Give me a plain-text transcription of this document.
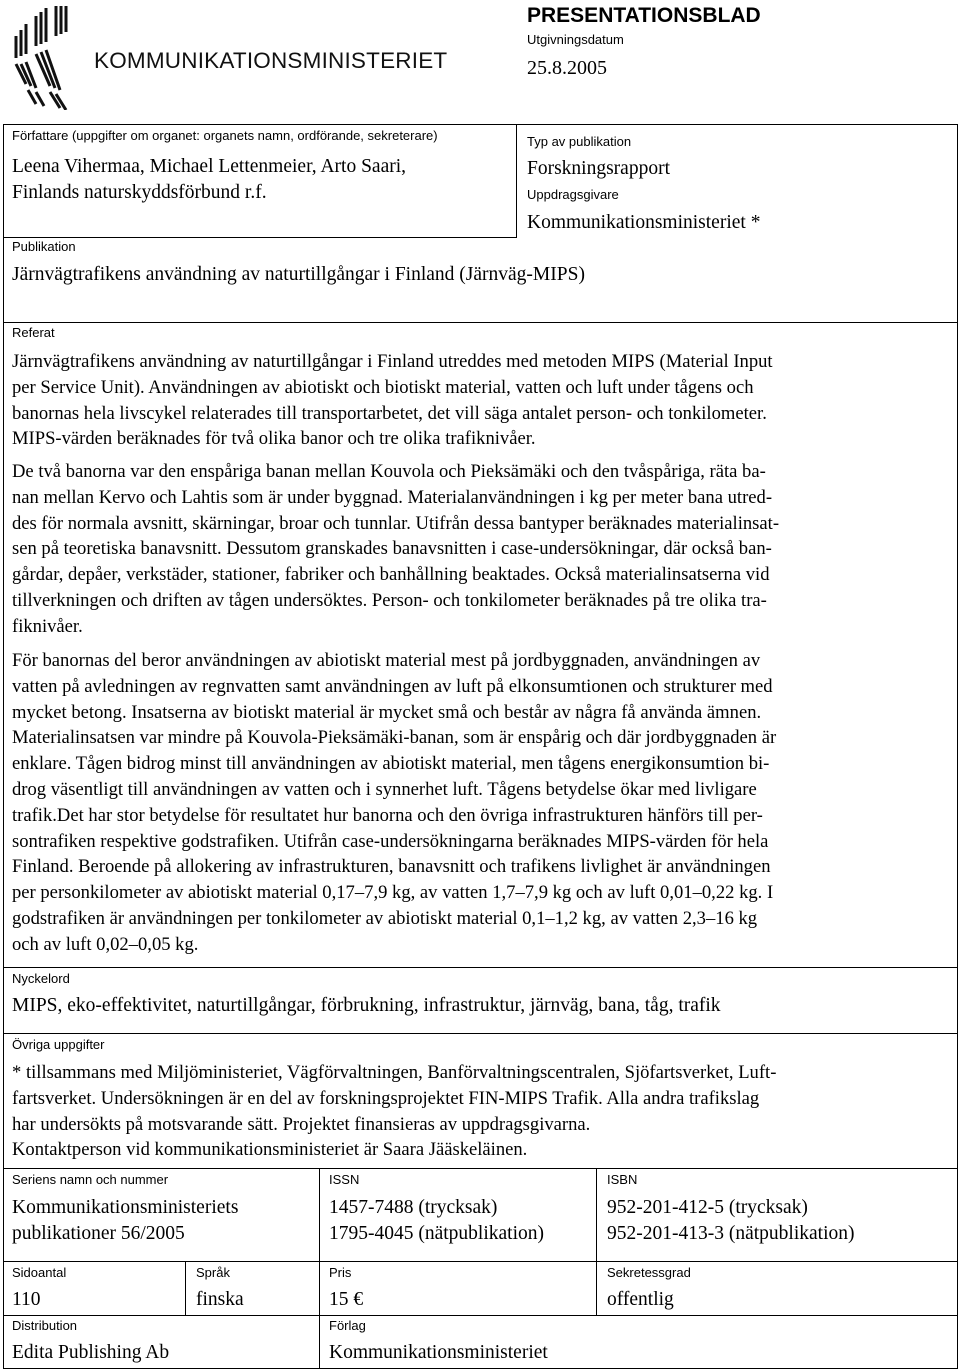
KOMMUNIKATIONSMINISTERIET
PRESENTATIONSBLAD
Utgivningsdatum
25.8.2005
Författare (uppgifter om organet: organets namn, ordförande, sekreterare)
Leena Vihermaa, Michael Lettenmeier, Arto Saari,
Finlands naturskyddsförbund r.f.
Typ av publikation
Forskningsrapport
Uppdragsgivare
Kommunikationsministeriet *
Publikation
Järnvägtrafikens användning av naturtillgångar i Finland (Järnväg-MIPS)
Referat

Järnvägtrafikens användning av naturtillgångar i Finland utreddes med metoden MIPS (Material Input
per Service Unit). Användningen av abiotiskt och biotiskt material, vatten och luft under tågens och
banornas hela livscykel relaterades till transportarbetet, det vill säga antalet person- och tonkilometer.
MIPS-värden beräknades för två olika banor och tre olika trafiknivåer.

De två banorna var den enspåriga banan mellan Kouvola och Pieksämäki och den tvåspåriga, räta ba-
nan mellan Kervo och Lahtis som är under byggnad. Materialanvändningen i kg per meter bana utred-
des för normala avsnitt, skärningar, broar och tunnlar. Utifrån dessa bantyper beräknades materialinsat-
sen på teoretiska banavsnitt. Dessutom granskades banavsnitten i case-undersökningar, där också ban-
gårdar, depåer, verkstäder, stationer, fabriker och banhållning beaktades. Också materialinsatserna vid
tillverkningen och driften av tågen undersöktes. Person- och tonkilometer beräknades på tre olika tra-
fiknivåer.

För banornas del beror användningen av abiotiskt material mest på jordbyggnaden, användningen av
vatten på avledningen av regnvatten samt användningen av luft på elkonsumtionen och strukturer med
mycket betong. Insatserna av biotiskt material är mycket små och består av några få använda ämnen.
Materialinsatsen var mindre på Kouvola-Pieksämäki-banan, som är enspårig och där jordbyggnaden är
enklare. Tågen bidrog minst till användningen av abiotiskt material, men tågens energikonsumtion bi-
drog väsentligt till användningen av vatten och i synnerhet luft. Tågens betydelse ökar med livligare
trafik.Det har stor betydelse för resultatet hur banorna och den övriga infrastrukturen hänförs till per-
sontrafiken respektive godstrafiken. Utifrån case-undersökningarna beräknades MIPS-värden för hela
Finland. Beroende på allokering av infrastrukturen, banavsnitt och trafikens livlighet är användningen
per personkilometer av abiotiskt material 0,17–7,9 kg, av vatten 1,7–7,9 kg och av luft 0,01–0,22 kg. I
godstrafiken är användningen per tonkilometer av abiotiskt material 0,1–1,2 kg, av vatten 2,3–16 kg
och av luft 0,02–0,05 kg.

Nyckelord
MIPS, eko-effektivitet, naturtillgångar, förbrukning, infrastruktur, järnväg, bana, tåg, trafik
Övriga uppgifter

* tillsammans med Miljöministeriet, Vägförvaltningen, Banförvaltningscentralen, Sjöfartsverket, Luft-
fartsverket. Undersökningen är en del av forskningsprojektet FIN-MIPS Trafik. Alla andra trafikslag
har undersökts på motsvarande sätt. Projektet finansieras av uppdragsgivarna.
Kontaktperson vid kommunikationsministeriet är Saara Jääskeläinen.

Seriens namn och nummer
Kommunikationsministeriets
publikationer 56/2005
ISSN
1457-7488 (trycksak)
1795-4045 (nätpublikation)
ISBN
952-201-412-5 (trycksak)
952-201-413-3 (nätpublikation)
Sidoantal
110
Språk
finska
Pris
15 €
Sekretessgrad
offentlig
Distribution
Edita Publishing Ab
Förlag
Kommunikationsministeriet
